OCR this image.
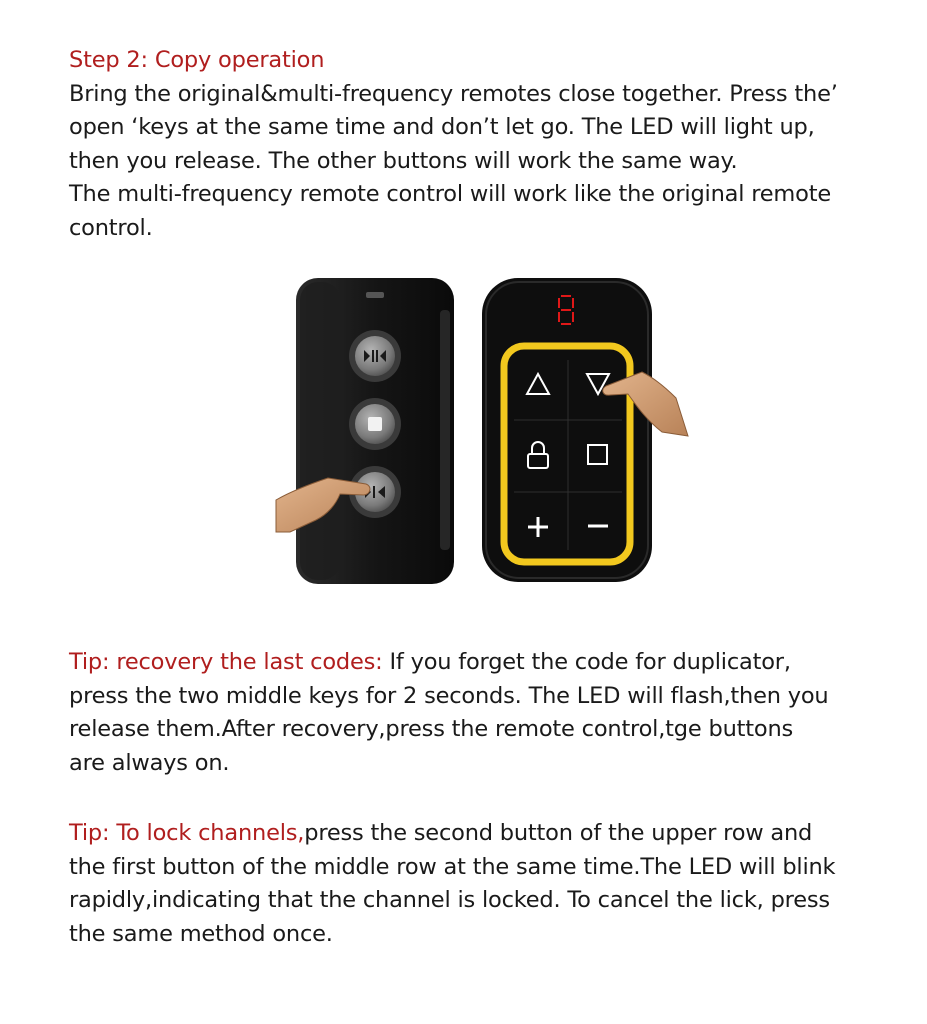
Step 2: Copy operation
Bring the original&multi-frequency remotes close together. Press the’
open ‘keys at the same time and don’t let go. The LED will light up,
then you release. The other buttons will work the same way.
The multi-frequency remote control will work like the original remote
control.
Tip: recovery the last codes: If you forget the code for duplicator,
press the two middle keys for 2 seconds. The LED will flash,then you
release them.After recovery,press the remote control,tge buttons
are always on.
Tip: To lock channels,press the second button of the upper row and
the first button of the middle row at the same time.The LED will blink
rapidly,indicating that the channel is locked. To cancel the lick, press
the same method once.
